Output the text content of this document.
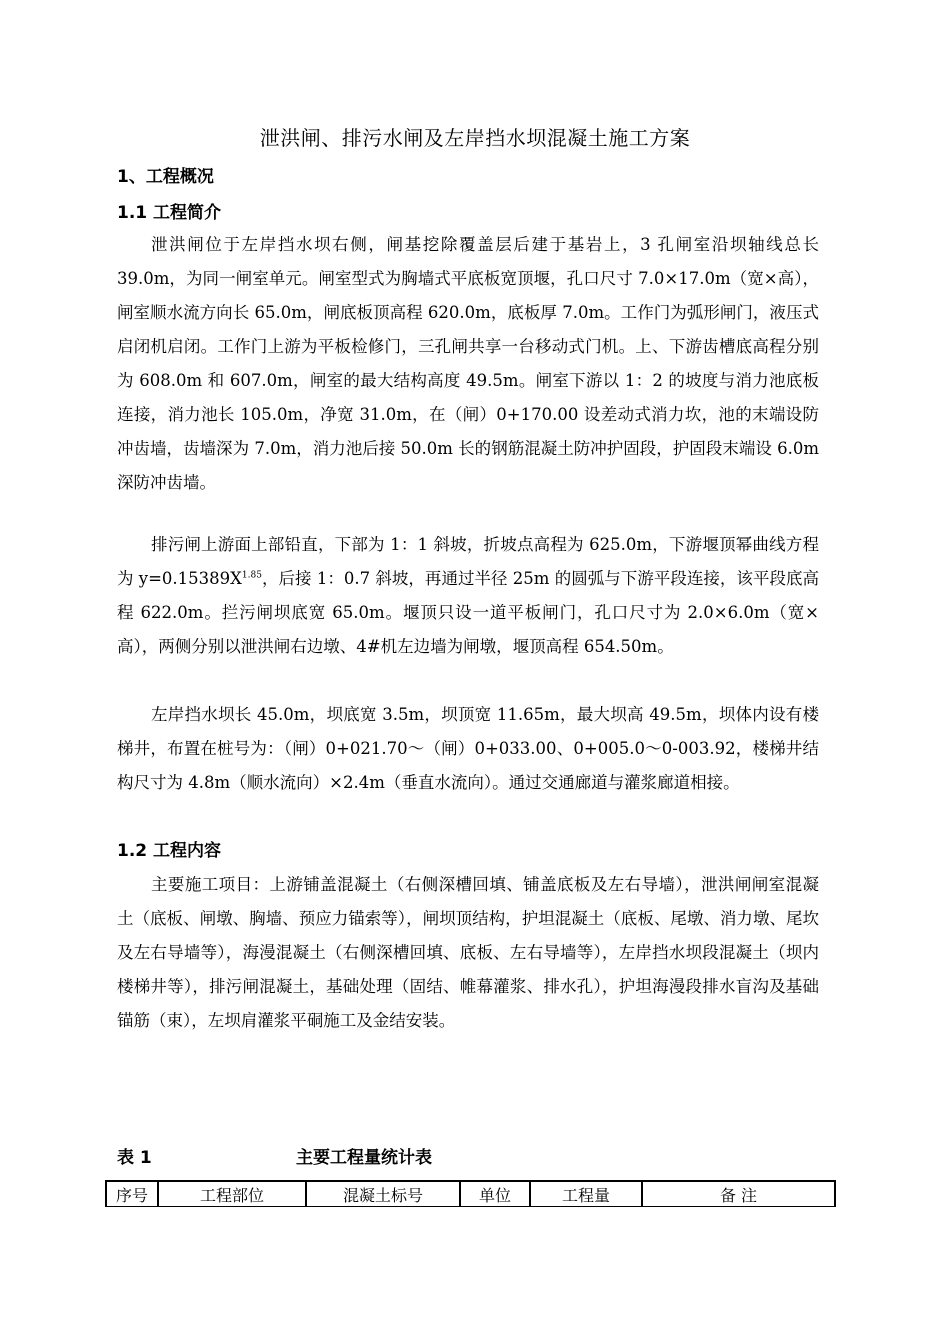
泄洪闸、排污水闸及左岸挡水坝混凝土施工方案
1、工程概况
1.1 工程简介
泄洪闸位于左岸挡水坝右侧，闸基挖除覆盖层后建于基岩上，3 孔闸室沿坝轴线总长 39.0m，为同一闸室单元。闸室型式为胸墙式平底板宽顶堰，孔口尺寸 7.0×17.0m（宽×高），闸室顺水流方向长 65.0m，闸底板顶高程 620.0m，底板厚 7.0m。工作门为弧形闸门，液压式启闭机启闭。工作门上游为平板检修门，三孔闸共享一台移动式门机。上、下游齿槽底高程分别为 608.0m 和 607.0m，闸室的最大结构高度 49.5m。闸室下游以 1：2 的坡度与消力池底板连接，消力池长 105.0m，净宽 31.0m，在（闸）0+170.00 设差动式消力坎，池的末端设防冲齿墙，齿墙深为 7.0m，消力池后接 50.0m 长的钢筋混凝土防冲护固段，护固段末端设 6.0m 深防冲齿墙。
排污闸上游面上部铅直，下部为 1：1 斜坡，折坡点高程为 625.0m，下游堰顶幂曲线方程为 $y=0.15389X^{1.85}$，后接 1：0.7 斜坡，再通过半径 25m 的圆弧与下游平段连接，该平段底高程 622.0m。拦污闸坝底宽 65.0m。堰顶只设一道平板闸门，孔口尺寸为 2.0×6.0m（宽×高），两侧分别以泄洪闸右边墩、4#机左边墙为闸墩，堰顶高程 654.50m。
左岸挡水坝长 45.0m，坝底宽 3.5m，坝顶宽 11.65m，最大坝高 49.5m，坝体内设有楼梯井，布置在桩号为：（闸）0+021.70～（闸）0+033.00、0+005.0～0-003.92，楼梯井结构尺寸为 4.8m（顺水流向）×2.4m（垂直水流向）。通过交通廊道与灌浆廊道相接。
1.2 工程内容
主要施工项目：上游铺盖混凝土（右侧深槽回填、铺盖底板及左右导墙），泄洪闸闸室混凝土（底板、闸墩、胸墙、预应力锚索等），闸坝顶结构，护坦混凝土（底板、尾墩、消力墩、尾坎及左右导墙等），海漫混凝土（右侧深槽回填、底板、左右导墙等），左岸挡水坝段混凝土（坝内楼梯井等），排污闸混凝土，基础处理（固结、帷幕灌浆、排水孔），护坦海漫段排水盲沟及基础锚筋（束），左坝肩灌浆平硐施工及金结安装。
表 1	主要工程量统计表
序号	工程部位	混凝土标号	单位	工程量	备 注
